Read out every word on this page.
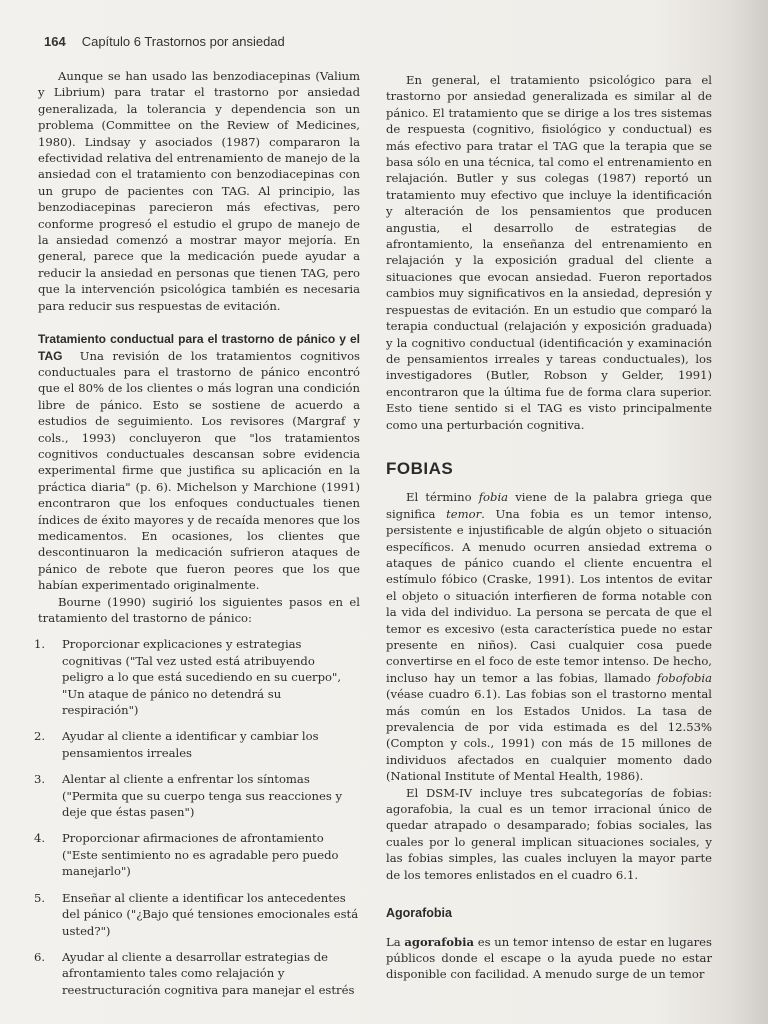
164 Capítulo 6 Trastornos por ansiedad

Aunque se han usado las benzodiacepinas (Valium y Librium) para tratar el trastorno por ansiedad generalizada, la tolerancia y dependencia son un problema (Committee on the Review of Medicines, 1980). Lindsay y asociados (1987) compararon la efectividad relativa del entrenamiento de manejo de la ansiedad con el tratamiento con benzodiacepinas con un grupo de pacientes con TAG. Al principio, las benzodiacepinas parecieron más efectivas, pero conforme progresó el estudio el grupo de manejo de la ansiedad comenzó a mostrar mayor mejoría. En general, parece que la medicación puede ayudar a reducir la ansiedad en personas que tienen TAG, pero que la intervención psicológica también es necesaria para reducir sus respuestas de evitación.

Tratamiento conductual para el trastorno de pánico y el TAG Una revisión de los tratamientos cognitivos conductuales para el trastorno de pánico encontró que el 80% de los clientes o más logran una condición libre de pánico. Esto se sostiene de acuerdo a estudios de seguimiento. Los revisores (Margraf y cols., 1993) concluyeron que "los tratamientos cognitivos conductuales descansan sobre evidencia experimental firme que justifica su aplicación en la práctica diaria" (p. 6). Michelson y Marchione (1991) encontraron que los enfoques conductuales tienen índices de éxito mayores y de recaída menores que los medicamentos. En ocasiones, los clientes que descontinuaron la medicación sufrieron ataques de pánico de rebote que fueron peores que los que habían experimentado originalmente.

Bourne (1990) sugirió los siguientes pasos en el tratamiento del trastorno de pánico:

1. Proporcionar explicaciones y estrategias cognitivas ("Tal vez usted está atribuyendo peligro a lo que está sucediendo en su cuerpo", "Un ataque de pánico no detendrá su respiración")
2. Ayudar al cliente a identificar y cambiar los pensamientos irreales
3. Alentar al cliente a enfrentar los síntomas ("Permita que su cuerpo tenga sus reacciones y deje que éstas pasen")
4. Proporcionar afirmaciones de afrontamiento ("Este sentimiento no es agradable pero puedo manejarlo")
5. Enseñar al cliente a identificar los antecedentes del pánico ("¿Bajo qué tensiones emocionales está usted?")
6. Ayudar al cliente a desarrollar estrategias de afrontamiento tales como relajación y reestructuración cognitiva para manejar el estrés

En general, el tratamiento psicológico para el trastorno por ansiedad generalizada es similar al de pánico. El tratamiento que se dirige a los tres sistemas de respuesta (cognitivo, fisiológico y conductual) es más efectivo para tratar el TAG que la terapia que se basa sólo en una técnica, tal como el entrenamiento en relajación. Butler y sus colegas (1987) reportó un tratamiento muy efectivo que incluye la identificación y alteración de los pensamientos que producen angustia, el desarrollo de estrategias de afrontamiento, la enseñanza del entrenamiento en relajación y la exposición gradual del cliente a situaciones que evocan ansiedad. Fueron reportados cambios muy significativos en la ansiedad, depresión y respuestas de evitación. En un estudio que comparó la terapia conductual (relajación y exposición graduada) y la cognitivo conductual (identificación y examinación de pensamientos irreales y tareas conductuales), los investigadores (Butler, Robson y Gelder, 1991) encontraron que la última fue de forma clara superior. Esto tiene sentido si el TAG es visto principalmente como una perturbación cognitiva.

FOBIAS

El término fobia viene de la palabra griega que significa temor. Una fobia es un temor intenso, persistente e injustificable de algún objeto o situación específicos. A menudo ocurren ansiedad extrema o ataques de pánico cuando el cliente encuentra el estímulo fóbico (Craske, 1991). Los intentos de evitar el objeto o situación interfieren de forma notable con la vida del individuo. La persona se percata de que el temor es excesivo (esta característica puede no estar presente en niños). Casi cualquier cosa puede convertirse en el foco de este temor intenso. De hecho, incluso hay un temor a las fobias, llamado fobofobia (véase cuadro 6.1). Las fobias son el trastorno mental más común en los Estados Unidos. La tasa de prevalencia de por vida estimada es del 12.53% (Compton y cols., 1991) con más de 15 millones de individuos afectados en cualquier momento dado (National Institute of Mental Health, 1986).

El DSM-IV incluye tres subcategorías de fobias: agorafobia, la cual es un temor irracional único de quedar atrapado o desamparado; fobias sociales, las cuales por lo general implican situaciones sociales, y las fobias simples, las cuales incluyen la mayor parte de los temores enlistados en el cuadro 6.1.

Agorafobia

La agorafobia es un temor intenso de estar en lugares públicos donde el escape o la ayuda puede no estar disponible con facilidad. A menudo surge de un temor
